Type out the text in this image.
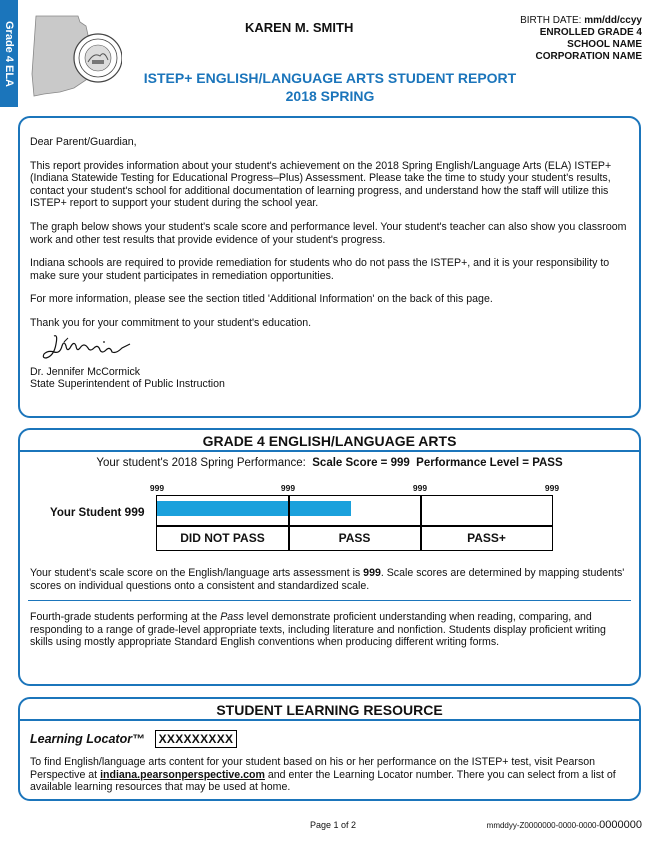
Grade 4 ELA	KAREN M. SMITH	BIRTH DATE: mm/dd/ccyy
ENROLLED GRADE 4
SCHOOL NAME
CORPORATION NAME
ISTEP+ ENGLISH/LANGUAGE ARTS STUDENT REPORT
2018 SPRING

Dear Parent/Guardian,

This report provides information about your student's achievement on the 2018 Spring English/Language Arts (ELA) ISTEP+ (Indiana Statewide Testing for Educational Progress–Plus) Assessment. Please take the time to study your student's results, contact your student's school for additional documentation of learning progress, and understand how the staff will utilize this ISTEP+ report to support your student during the school year.

The graph below shows your student's scale score and performance level. Your student's teacher can also show you classroom work and other test results that provide evidence of your student's progress.

Indiana schools are required to provide remediation for students who do not pass the ISTEP+, and it is your responsibility to make sure your student participates in remediation opportunities.

For more information, please see the section titled 'Additional Information' on the back of this page.

Thank you for your commitment to your student's education.

Dr. Jennifer McCormick
State Superintendent of Public Instruction
GRADE 4 ENGLISH/LANGUAGE ARTS
Your student's 2018 Spring Performance: Scale Score = 999 Performance Level = PASS
999	999	999	999
Your Student 999
DID NOT PASS	PASS	PASS+
Your student's scale score on the English/language arts assessment is 999. Scale scores are determined by mapping students' scores on individual questions onto a consistent and standardized scale.
Fourth-grade students performing at the Pass level demonstrate proficient understanding when reading, comparing, and responding to a range of grade-level appropriate texts, including literature and nonfiction. Students display proficient writing skills using mostly appropriate Standard English conventions when producing different writing forms.
STUDENT LEARNING RESOURCE
Learning Locator™	XXXXXXXXX
To find English/language arts content for your student based on his or her performance on the ISTEP+ test, visit Pearson Perspective at indiana.pearsonperspective.com and enter the Learning Locator number. There you can select from a list of available learning resources that may be used at home.
Page 1 of 2	mmddyy-Z0000000-0000-0000-0000000
